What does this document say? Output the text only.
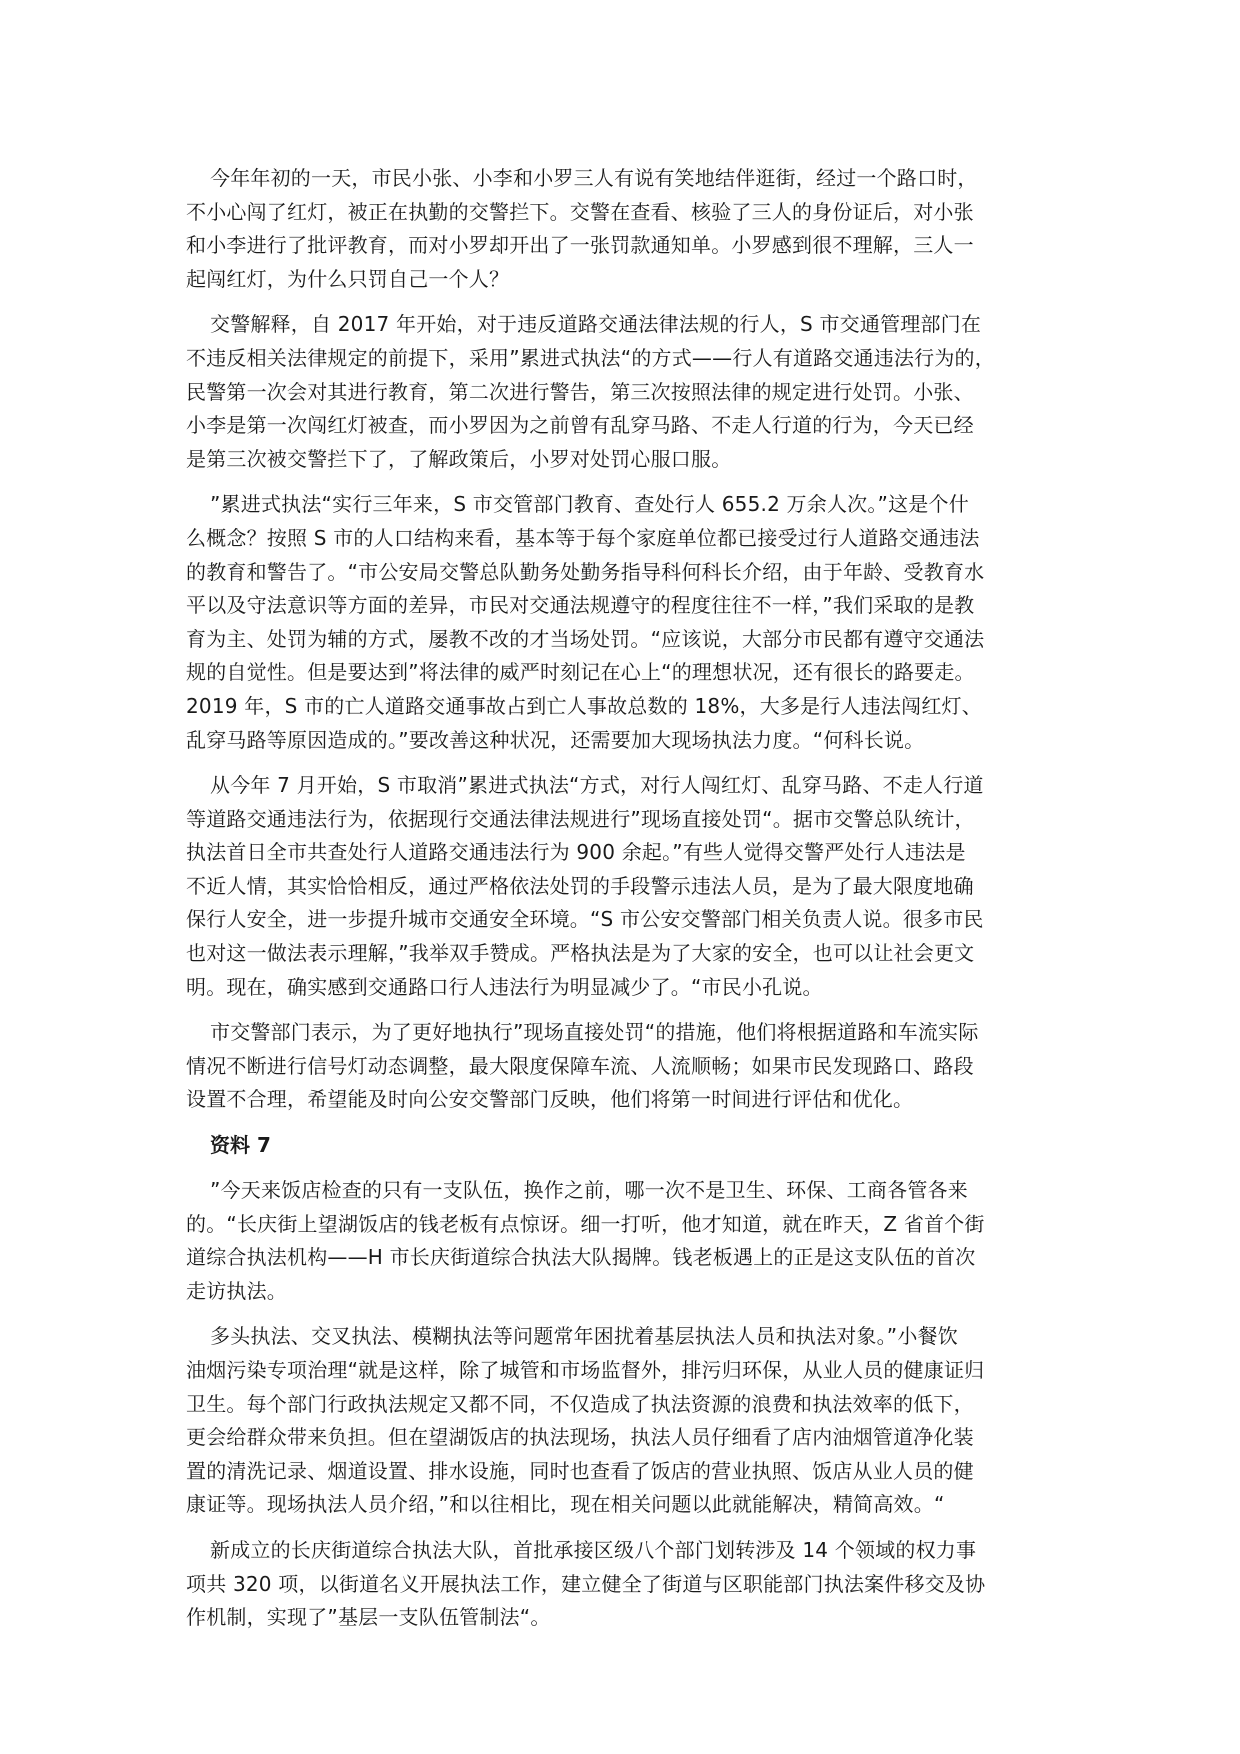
今年年初的一天，市民小张、小李和小罗三人有说有笑地结伴逛街，经过一个路口时，
不小心闯了红灯，被正在执勤的交警拦下。交警在查看、核验了三人的身份证后，对小张
和小李进行了批评教育，而对小罗却开出了一张罚款通知单。小罗感到很不理解，三人一
起闯红灯，为什么只罚自己一个人？

交警解释，自 2017 年开始，对于违反道路交通法律法规的行人，S 市交通管理部门在
不违反相关法律规定的前提下，采用”累进式执法“的方式——行人有道路交通违法行为的，
民警第一次会对其进行教育，第二次进行警告，第三次按照法律的规定进行处罚。小张、
小李是第一次闯红灯被查，而小罗因为之前曾有乱穿马路、不走人行道的行为，今天已经
是第三次被交警拦下了，了解政策后，小罗对处罚心服口服。

”累进式执法“实行三年来，S 市交管部门教育、查处行人 655.2 万余人次。”这是个什
么概念？按照 S 市的人口结构来看，基本等于每个家庭单位都已接受过行人道路交通违法
的教育和警告了。“市公安局交警总队勤务处勤务指导科何科长介绍，由于年龄、受教育水
平以及守法意识等方面的差异，市民对交通法规遵守的程度往往不一样，”我们采取的是教
育为主、处罚为辅的方式，屡教不改的才当场处罚。“应该说，大部分市民都有遵守交通法
规的自觉性。但是要达到”将法律的威严时刻记在心上“的理想状况，还有很长的路要走。
2019 年，S 市的亡人道路交通事故占到亡人事故总数的 18%，大多是行人违法闯红灯、
乱穿马路等原因造成的。”要改善这种状况，还需要加大现场执法力度。“何科长说。

从今年 7 月开始，S 市取消”累进式执法“方式，对行人闯红灯、乱穿马路、不走人行道
等道路交通违法行为，依据现行交通法律法规进行”现场直接处罚“。据市交警总队统计，
执法首日全市共查处行人道路交通违法行为 900 余起。”有些人觉得交警严处行人违法是
不近人情，其实恰恰相反，通过严格依法处罚的手段警示违法人员，是为了最大限度地确
保行人安全，进一步提升城市交通安全环境。“S 市公安交警部门相关负责人说。很多市民
也对这一做法表示理解，”我举双手赞成。严格执法是为了大家的安全，也可以让社会更文
明。现在，确实感到交通路口行人违法行为明显减少了。“市民小孔说。

市交警部门表示，为了更好地执行”现场直接处罚“的措施，他们将根据道路和车流实际
情况不断进行信号灯动态调整，最大限度保障车流、人流顺畅；如果市民发现路口、路段
设置不合理，希望能及时向公安交警部门反映，他们将第一时间进行评估和优化。

资料 7

”今天来饭店检查的只有一支队伍，换作之前，哪一次不是卫生、环保、工商各管各来
的。“长庆街上望湖饭店的钱老板有点惊讶。细一打听，他才知道，就在昨天，Z 省首个街
道综合执法机构——H 市长庆街道综合执法大队揭牌。钱老板遇上的正是这支队伍的首次
走访执法。

多头执法、交叉执法、模糊执法等问题常年困扰着基层执法人员和执法对象。”小餐饮
油烟污染专项治理“就是这样，除了城管和市场监督外，排污归环保，从业人员的健康证归
卫生。每个部门行政执法规定又都不同，不仅造成了执法资源的浪费和执法效率的低下，
更会给群众带来负担。但在望湖饭店的执法现场，执法人员仔细看了店内油烟管道净化装
置的清洗记录、烟道设置、排水设施，同时也查看了饭店的营业执照、饭店从业人员的健
康证等。现场执法人员介绍，”和以往相比，现在相关问题以此就能解决，精简高效。“

新成立的长庆街道综合执法大队，首批承接区级八个部门划转涉及 14 个领域的权力事
项共 320 项，以街道名义开展执法工作，建立健全了街道与区职能部门执法案件移交及协
作机制，实现了”基层一支队伍管制法“。
